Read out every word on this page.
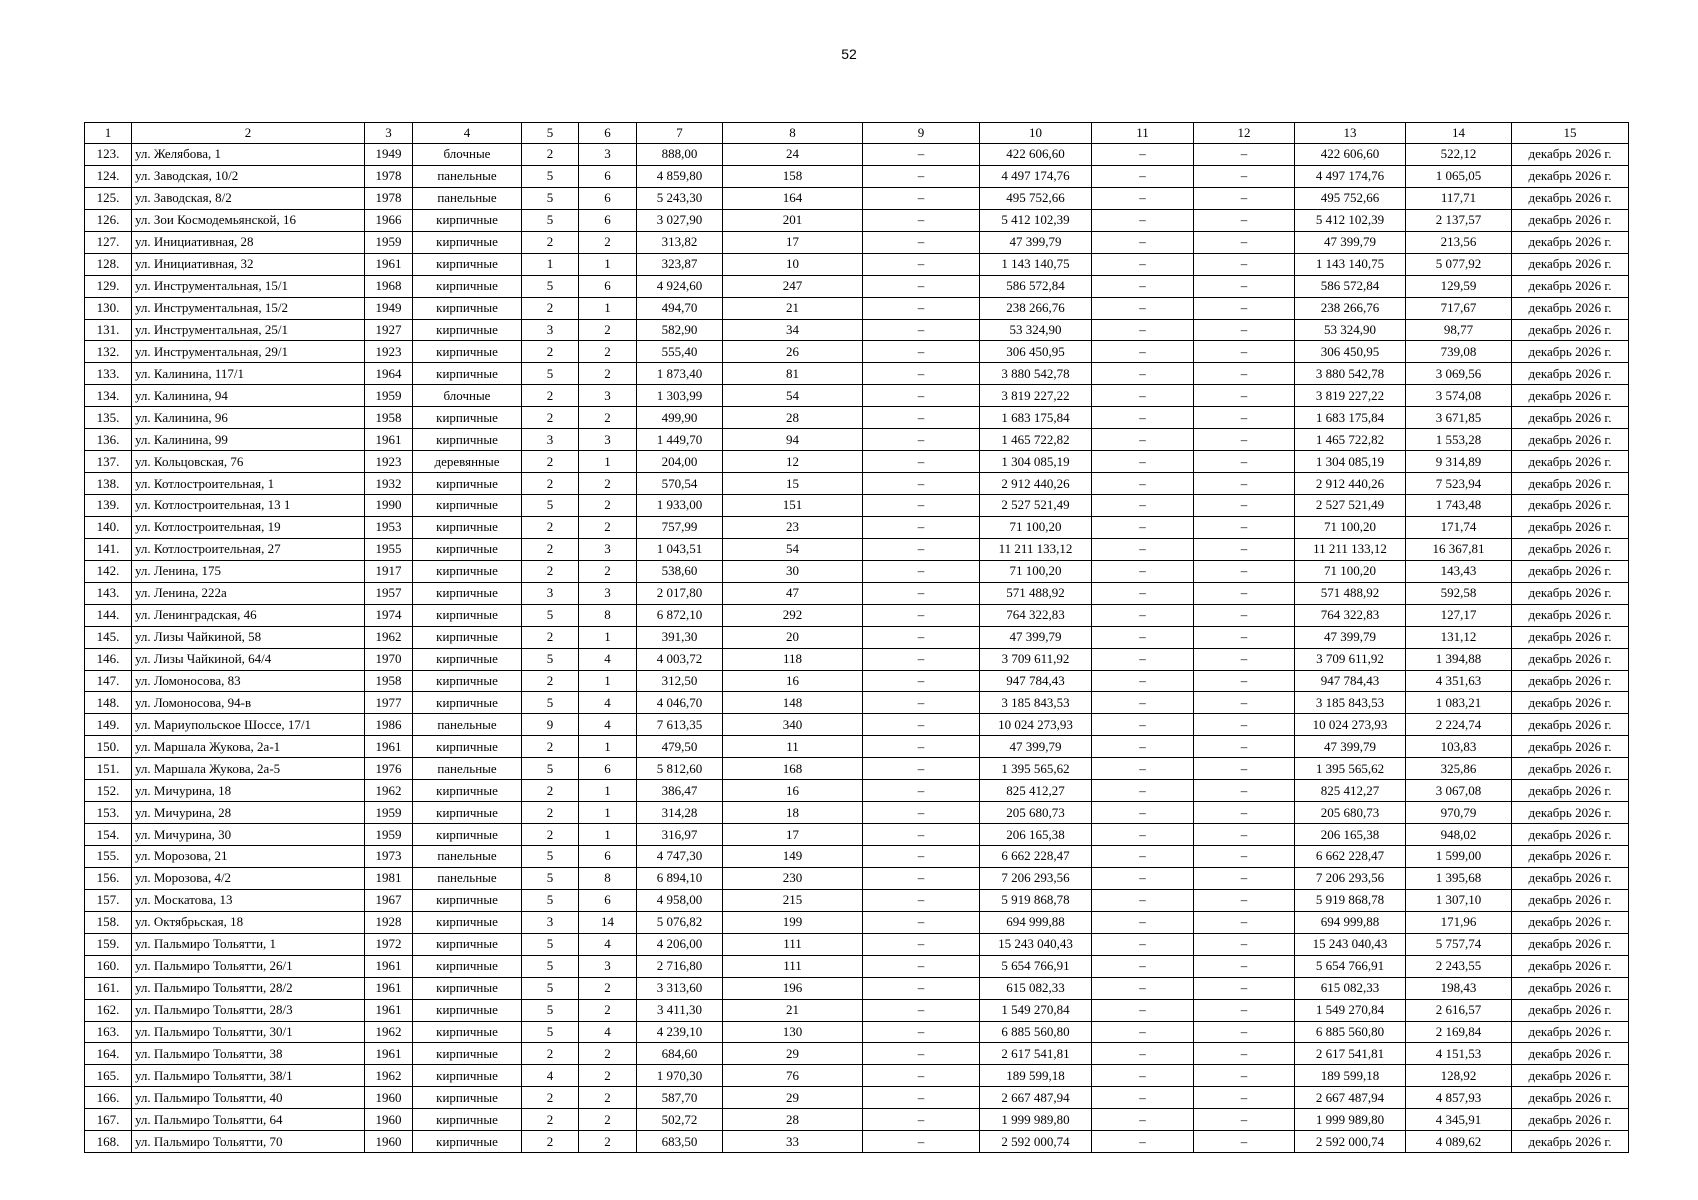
52
1	2	3	4	5	6	7	8	9	10	11	12	13	14	15
123.	ул. Желябова, 1	1949	блочные	2	3	888,00	24	–	422 606,60	–	–	422 606,60	522,12	декабрь 2026 г.
124.	ул. Заводская, 10/2	1978	панельные	5	6	4 859,80	158	–	4 497 174,76	–	–	4 497 174,76	1 065,05	декабрь 2026 г.
125.	ул. Заводская, 8/2	1978	панельные	5	6	5 243,30	164	–	495 752,66	–	–	495 752,66	117,71	декабрь 2026 г.
126.	ул. Зои Космодемьянской, 16	1966	кирпичные	5	6	3 027,90	201	–	5 412 102,39	–	–	5 412 102,39	2 137,57	декабрь 2026 г.
127.	ул. Инициативная, 28	1959	кирпичные	2	2	313,82	17	–	47 399,79	–	–	47 399,79	213,56	декабрь 2026 г.
128.	ул. Инициативная, 32	1961	кирпичные	1	1	323,87	10	–	1 143 140,75	–	–	1 143 140,75	5 077,92	декабрь 2026 г.
129.	ул. Инструментальная, 15/1	1968	кирпичные	5	6	4 924,60	247	–	586 572,84	–	–	586 572,84	129,59	декабрь 2026 г.
130.	ул. Инструментальная, 15/2	1949	кирпичные	2	1	494,70	21	–	238 266,76	–	–	238 266,76	717,67	декабрь 2026 г.
131.	ул. Инструментальная, 25/1	1927	кирпичные	3	2	582,90	34	–	53 324,90	–	–	53 324,90	98,77	декабрь 2026 г.
132.	ул. Инструментальная, 29/1	1923	кирпичные	2	2	555,40	26	–	306 450,95	–	–	306 450,95	739,08	декабрь 2026 г.
133.	ул. Калинина, 117/1	1964	кирпичные	5	2	1 873,40	81	–	3 880 542,78	–	–	3 880 542,78	3 069,56	декабрь 2026 г.
134.	ул. Калинина, 94	1959	блочные	2	3	1 303,99	54	–	3 819 227,22	–	–	3 819 227,22	3 574,08	декабрь 2026 г.
135.	ул. Калинина, 96	1958	кирпичные	2	2	499,90	28	–	1 683 175,84	–	–	1 683 175,84	3 671,85	декабрь 2026 г.
136.	ул. Калинина, 99	1961	кирпичные	3	3	1 449,70	94	–	1 465 722,82	–	–	1 465 722,82	1 553,28	декабрь 2026 г.
137.	ул. Кольцовская, 76	1923	деревянные	2	1	204,00	12	–	1 304 085,19	–	–	1 304 085,19	9 314,89	декабрь 2026 г.
138.	ул. Котлостроительная, 1	1932	кирпичные	2	2	570,54	15	–	2 912 440,26	–	–	2 912 440,26	7 523,94	декабрь 2026 г.
139.	ул. Котлостроительная, 13 1	1990	кирпичные	5	2	1 933,00	151	–	2 527 521,49	–	–	2 527 521,49	1 743,48	декабрь 2026 г.
140.	ул. Котлостроительная, 19	1953	кирпичные	2	2	757,99	23	–	71 100,20	–	–	71 100,20	171,74	декабрь 2026 г.
141.	ул. Котлостроительная, 27	1955	кирпичные	2	3	1 043,51	54	–	11 211 133,12	–	–	11 211 133,12	16 367,81	декабрь 2026 г.
142.	ул. Ленина, 175	1917	кирпичные	2	2	538,60	30	–	71 100,20	–	–	71 100,20	143,43	декабрь 2026 г.
143.	ул. Ленина, 222а	1957	кирпичные	3	3	2 017,80	47	–	571 488,92	–	–	571 488,92	592,58	декабрь 2026 г.
144.	ул. Ленинградская, 46	1974	кирпичные	5	8	6 872,10	292	–	764 322,83	–	–	764 322,83	127,17	декабрь 2026 г.
145.	ул. Лизы Чайкиной, 58	1962	кирпичные	2	1	391,30	20	–	47 399,79	–	–	47 399,79	131,12	декабрь 2026 г.
146.	ул. Лизы Чайкиной, 64/4	1970	кирпичные	5	4	4 003,72	118	–	3 709 611,92	–	–	3 709 611,92	1 394,88	декабрь 2026 г.
147.	ул. Ломоносова, 83	1958	кирпичные	2	1	312,50	16	–	947 784,43	–	–	947 784,43	4 351,63	декабрь 2026 г.
148.	ул. Ломоносова, 94-в	1977	кирпичные	5	4	4 046,70	148	–	3 185 843,53	–	–	3 185 843,53	1 083,21	декабрь 2026 г.
149.	ул. Мариупольское Шоссе, 17/1	1986	панельные	9	4	7 613,35	340	–	10 024 273,93	–	–	10 024 273,93	2 224,74	декабрь 2026 г.
150.	ул. Маршала Жукова, 2а-1	1961	кирпичные	2	1	479,50	11	–	47 399,79	–	–	47 399,79	103,83	декабрь 2026 г.
151.	ул. Маршала Жукова, 2а-5	1976	панельные	5	6	5 812,60	168	–	1 395 565,62	–	–	1 395 565,62	325,86	декабрь 2026 г.
152.	ул. Мичурина, 18	1962	кирпичные	2	1	386,47	16	–	825 412,27	–	–	825 412,27	3 067,08	декабрь 2026 г.
153.	ул. Мичурина, 28	1959	кирпичные	2	1	314,28	18	–	205 680,73	–	–	205 680,73	970,79	декабрь 2026 г.
154.	ул. Мичурина, 30	1959	кирпичные	2	1	316,97	17	–	206 165,38	–	–	206 165,38	948,02	декабрь 2026 г.
155.	ул. Морозова, 21	1973	панельные	5	6	4 747,30	149	–	6 662 228,47	–	–	6 662 228,47	1 599,00	декабрь 2026 г.
156.	ул. Морозова, 4/2	1981	панельные	5	8	6 894,10	230	–	7 206 293,56	–	–	7 206 293,56	1 395,68	декабрь 2026 г.
157.	ул. Москатова, 13	1967	кирпичные	5	6	4 958,00	215	–	5 919 868,78	–	–	5 919 868,78	1 307,10	декабрь 2026 г.
158.	ул. Октябрьская, 18	1928	кирпичные	3	14	5 076,82	199	–	694 999,88	–	–	694 999,88	171,96	декабрь 2026 г.
159.	ул. Пальмиро Тольятти, 1	1972	кирпичные	5	4	4 206,00	111	–	15 243 040,43	–	–	15 243 040,43	5 757,74	декабрь 2026 г.
160.	ул. Пальмиро Тольятти, 26/1	1961	кирпичные	5	3	2 716,80	111	–	5 654 766,91	–	–	5 654 766,91	2 243,55	декабрь 2026 г.
161.	ул. Пальмиро Тольятти, 28/2	1961	кирпичные	5	2	3 313,60	196	–	615 082,33	–	–	615 082,33	198,43	декабрь 2026 г.
162.	ул. Пальмиро Тольятти, 28/3	1961	кирпичные	5	2	3 411,30	21	–	1 549 270,84	–	–	1 549 270,84	2 616,57	декабрь 2026 г.
163.	ул. Пальмиро Тольятти, 30/1	1962	кирпичные	5	4	4 239,10	130	–	6 885 560,80	–	–	6 885 560,80	2 169,84	декабрь 2026 г.
164.	ул. Пальмиро Тольятти, 38	1961	кирпичные	2	2	684,60	29	–	2 617 541,81	–	–	2 617 541,81	4 151,53	декабрь 2026 г.
165.	ул. Пальмиро Тольятти, 38/1	1962	кирпичные	4	2	1 970,30	76	–	189 599,18	–	–	189 599,18	128,92	декабрь 2026 г.
166.	ул. Пальмиро Тольятти, 40	1960	кирпичные	2	2	587,70	29	–	2 667 487,94	–	–	2 667 487,94	4 857,93	декабрь 2026 г.
167.	ул. Пальмиро Тольятти, 64	1960	кирпичные	2	2	502,72	28	–	1 999 989,80	–	–	1 999 989,80	4 345,91	декабрь 2026 г.
168.	ул. Пальмиро Тольятти, 70	1960	кирпичные	2	2	683,50	33	–	2 592 000,74	–	–	2 592 000,74	4 089,62	декабрь 2026 г.
